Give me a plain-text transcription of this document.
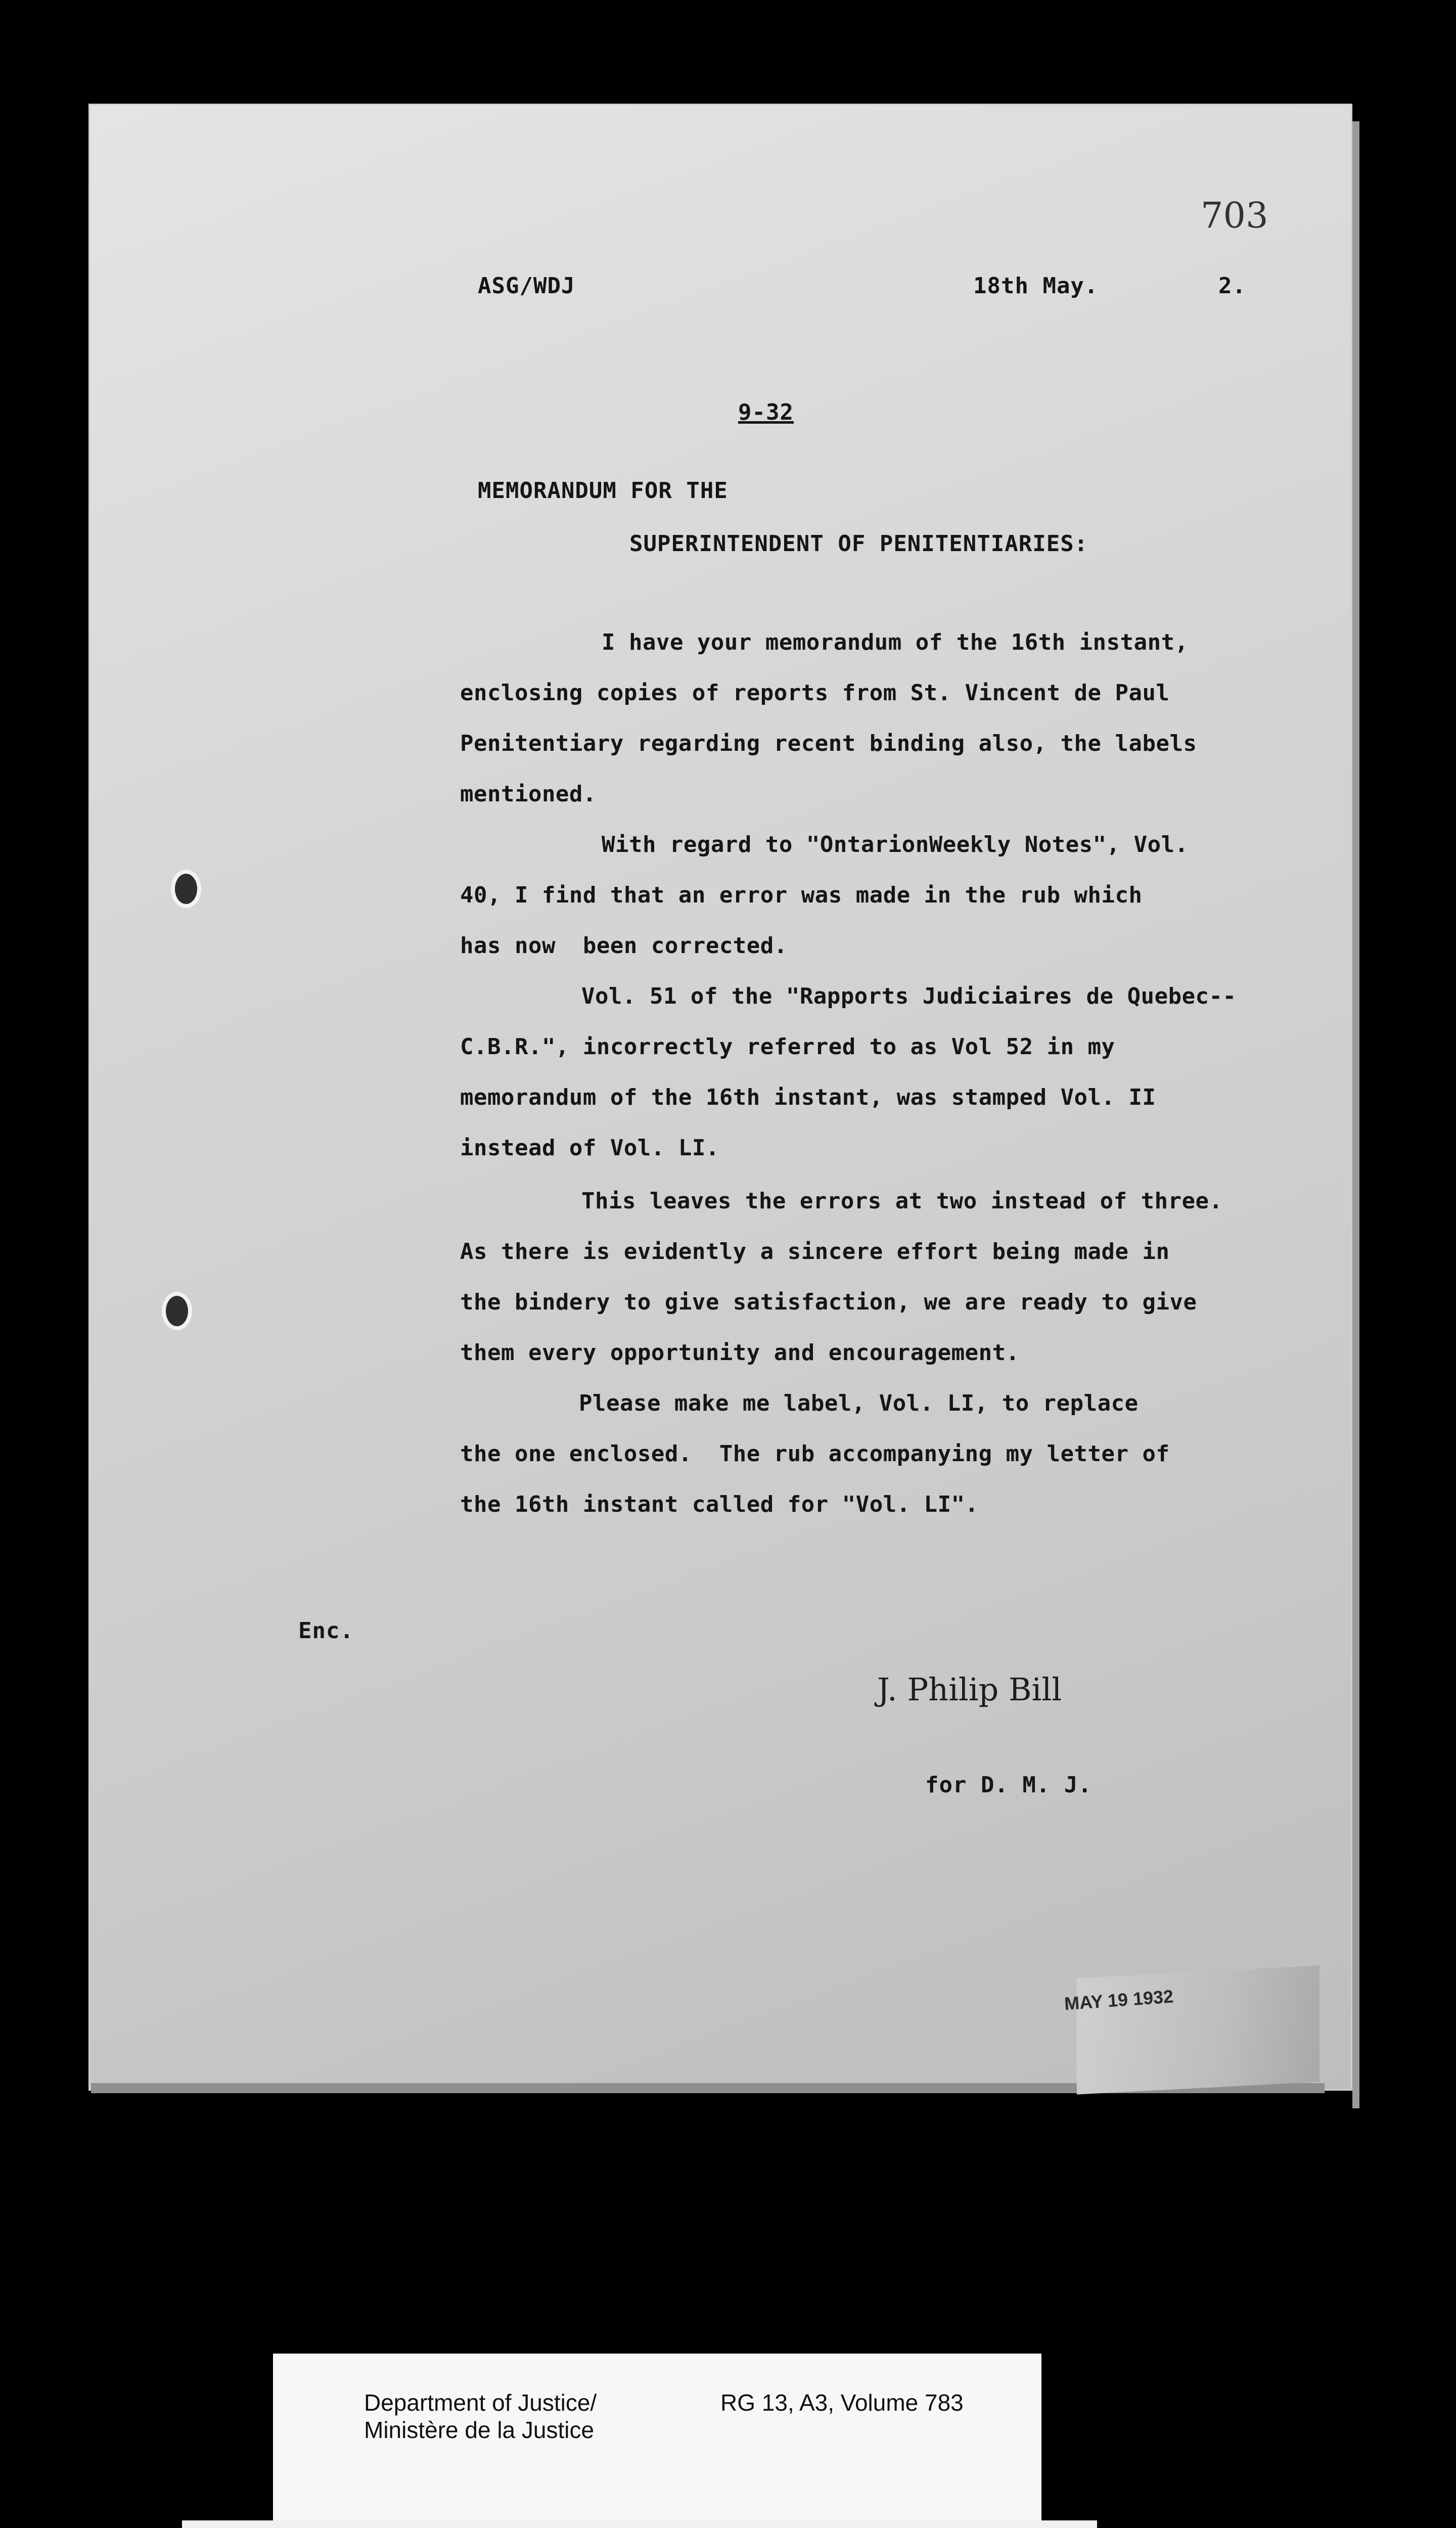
703
ASG/WDJ	18th May.	2.
9-32
MEMORANDUM FOR THE
SUPERINTENDENT OF PENITENTIARIES:
I have your memorandum of the 16th instant,
enclosing copies of reports from St. Vincent de Paul
Penitentiary regarding recent binding also, the labels
mentioned.
With regard to "OntarionWeekly Notes", Vol.
40, I find that an error was made in the rub which
has now  been corrected.
Vol. 51 of the "Rapports Judiciaires de Quebec--
C.B.R.", incorrectly referred to as Vol 52 in my
memorandum of the 16th instant, was stamped Vol. II
instead of Vol. LI.
This leaves the errors at two instead of three.
As there is evidently a sincere effort being made in
the bindery to give satisfaction, we are ready to give
them every opportunity and encouragement.
Please make me label, Vol. LI, to replace
the one enclosed.  The rub accompanying my letter of
the 16th instant called for "Vol. LI".
Enc.
J. Philip Bill
for D. M. J.
MAY 19 1932
Department of Justice/
Ministère de la Justice
RG 13, A3, Volume 783
